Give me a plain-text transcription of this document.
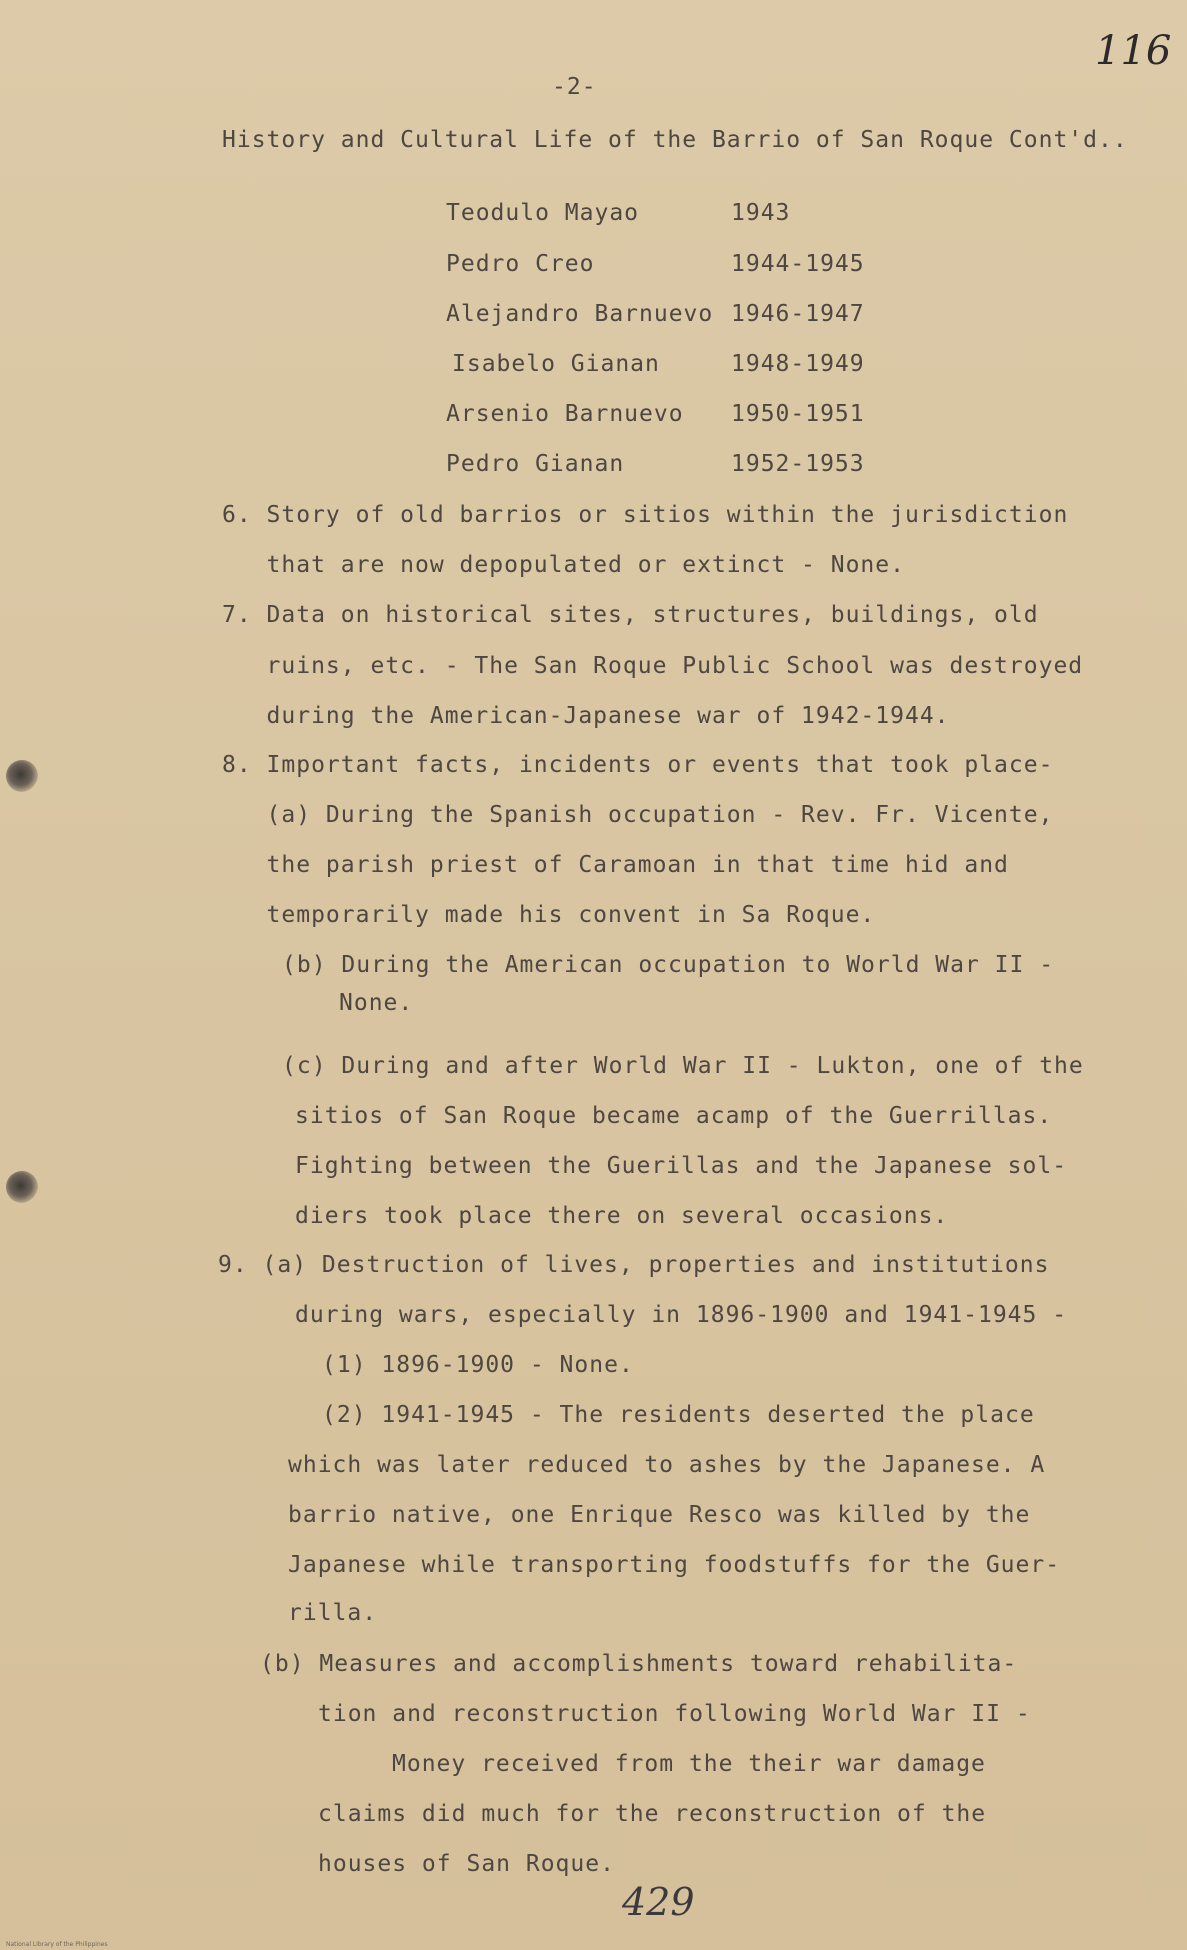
116
-2-
History and Cultural Life of the Barrio of San Roque Cont'd..
Teodulo Mayao	1943
Pedro Creo	1944-1945
Alejandro Barnuevo 1946-1947
Isabelo Gianan	1948-1949
Arsenio Barnuevo 1950-1951
Pedro Gianan	1952-1953
6. Story of old barrios or sitios within the jurisdiction
that are now depopulated or extinct - None.
7. Data on historical sites, structures, buildings, old
ruins, etc. - The San Roque Public School was destroyed
during the American-Japanese war of 1942-1944.
8. Important facts, incidents or events that took place-
(a) During the Spanish occupation - Rev. Fr. Vicente,
the parish priest of Caramoan in that time hid and
temporarily made his convent in Sa Roque.
(b) During the American occupation to World War II -
None.
(c) During and after World War II - Lukton, one of the
sitios of San Roque became acamp of the Guerrillas.
Fighting between the Guerillas and the Japanese sol-
diers took place there on several occasions.
9. (a) Destruction of lives, properties and institutions
during wars, especially in 1896-1900 and 1941-1945 -
(1) 1896-1900 - None.
(2) 1941-1945 - The residents deserted the place
which was later reduced to ashes by the Japanese. A
barrio native, one Enrique Resco was killed by the
Japanese while transporting foodstuffs for the Guer-
rilla.
(b) Measures and accomplishments toward rehabilita-
tion and reconstruction following World War II -
Money received from the their war damage
claims did much for the reconstruction of the
houses of San Roque.
429
National Library of the Philippines
